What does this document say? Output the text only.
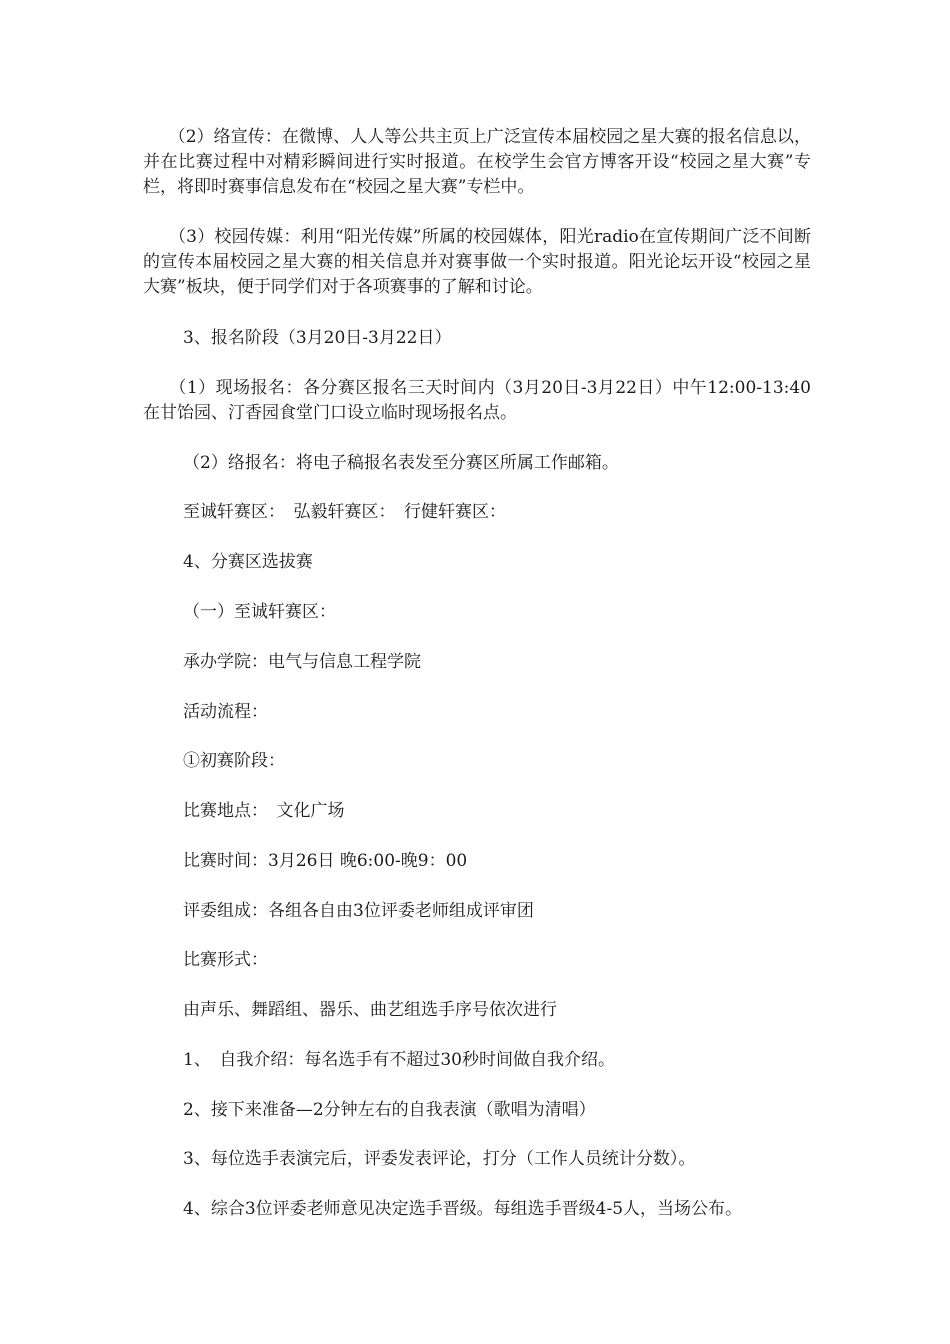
　　（2）络宣传：在微博、人人等公共主页上广泛宣传本届校园之星大赛的报名信息以，并在比赛过程中对精彩瞬间进行实时报道。在校学生会官方博客开设“校园之星大赛”专栏，将即时赛事信息发布在“校园之星大赛”专栏中。

　　（3）校园传媒：利用“阳光传媒”所属的校园媒体，阳光radio在宣传期间广泛不间断的宣传本届校园之星大赛的相关信息并对赛事做一个实时报道。阳光论坛开设“校园之星大赛”板块，便于同学们对于各项赛事的了解和讨论。

3、报名阶段（3月20日-3月22日）

　　（1）现场报名：各分赛区报名三天时间内（3月20日-3月22日）中午12:00-13:40在甘饴园、汀香园食堂门口设立临时现场报名点。

（2）络报名：将电子稿报名表发至分赛区所属工作邮箱。

至诚轩赛区：　弘毅轩赛区：　行健轩赛区：

4、分赛区选拔赛

（一）至诚轩赛区：

承办学院：电气与信息工程学院

活动流程：

①初赛阶段：

比赛地点：　文化广场

比赛时间：3月26日 晚6:00-晚9：00

评委组成：各组各自由3位评委老师组成评审团

比赛形式：

由声乐、舞蹈组、器乐、曲艺组选手序号依次进行

1、　自我介绍：每名选手有不超过30秒时间做自我介绍。

2、接下来准备—2分钟左右的自我表演（歌唱为清唱）

3、每位选手表演完后，评委发表评论，打分（工作人员统计分数）。

4、综合3位评委老师意见决定选手晋级。每组选手晋级4-5人，当场公布。
